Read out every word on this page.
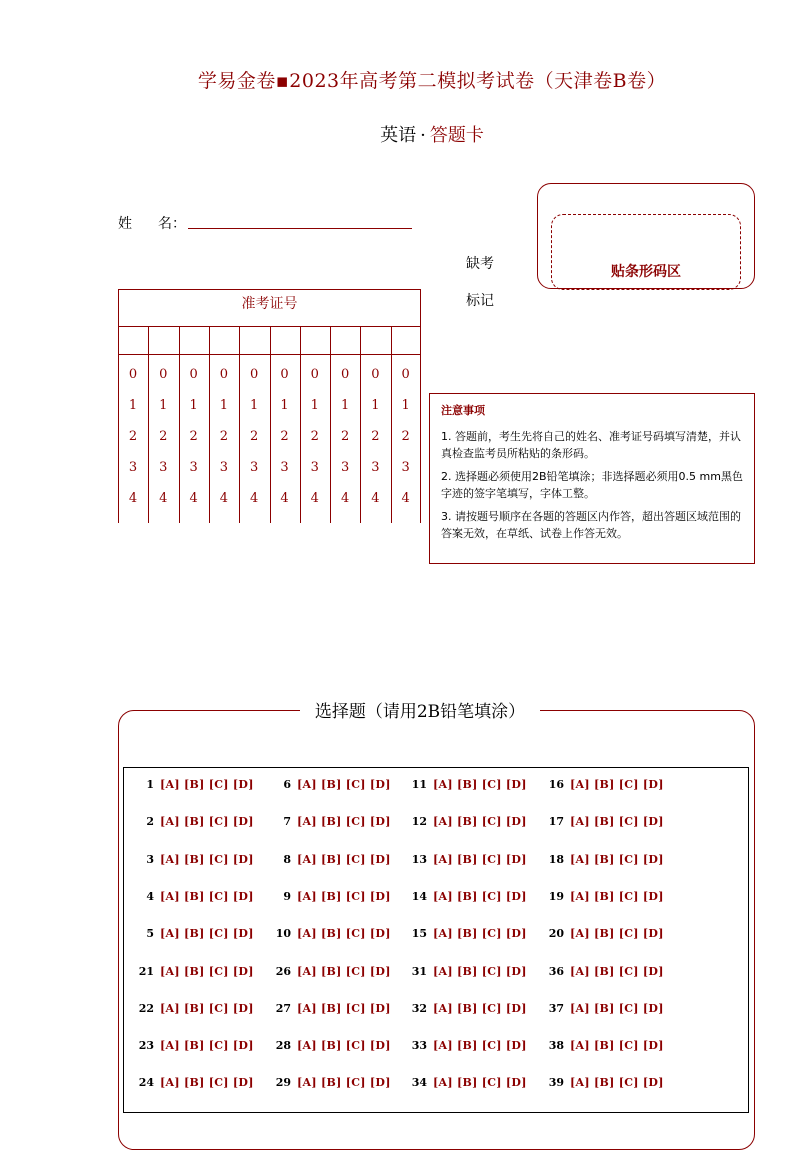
学易金卷▪2023年高考第二模拟考试卷（天津卷B卷）
英语 · 答题卡
姓 名：
缺考
标记
贴条形码区
准考证号
0	0	0	0	0	0	0	0	0	0
1	1	1	1	1	1	1	1	1	1
2	2	2	2	2	2	2	2	2	2
3	3	3	3	3	3	3	3	3	3
4	4	4	4	4	4	4	4	4	4
注意事项
1. 答题前，考生先将自己的姓名、准考证号码填写清楚，并认真检查监考员所粘贴的条形码。
2. 选择题必须使用2B铅笔填涂；非选择题必须用0.5 mm黑色字迹的签字笔填写，字体工整。
3. 请按题号顺序在各题的答题区内作答，超出答题区域范围的答案无效，在草纸、试卷上作答无效。
选择题（请用2B铅笔填涂）
1 [A] [B] [C] [D]	6 [A] [B] [C] [D]	11 [A] [B] [C] [D]	16 [A] [B] [C] [D]
2 [A] [B] [C] [D]	7 [A] [B] [C] [D]	12 [A] [B] [C] [D]	17 [A] [B] [C] [D]
3 [A] [B] [C] [D]	8 [A] [B] [C] [D]	13 [A] [B] [C] [D]	18 [A] [B] [C] [D]
4 [A] [B] [C] [D]	9 [A] [B] [C] [D]	14 [A] [B] [C] [D]	19 [A] [B] [C] [D]
5 [A] [B] [C] [D]	10 [A] [B] [C] [D]	15 [A] [B] [C] [D]	20 [A] [B] [C] [D]
21 [A] [B] [C] [D]	26 [A] [B] [C] [D]	31 [A] [B] [C] [D]	36 [A] [B] [C] [D]
22 [A] [B] [C] [D]	27 [A] [B] [C] [D]	32 [A] [B] [C] [D]	37 [A] [B] [C] [D]
23 [A] [B] [C] [D]	28 [A] [B] [C] [D]	33 [A] [B] [C] [D]	38 [A] [B] [C] [D]
24 [A] [B] [C] [D]	29 [A] [B] [C] [D]	34 [A] [B] [C] [D]	39 [A] [B] [C] [D]
